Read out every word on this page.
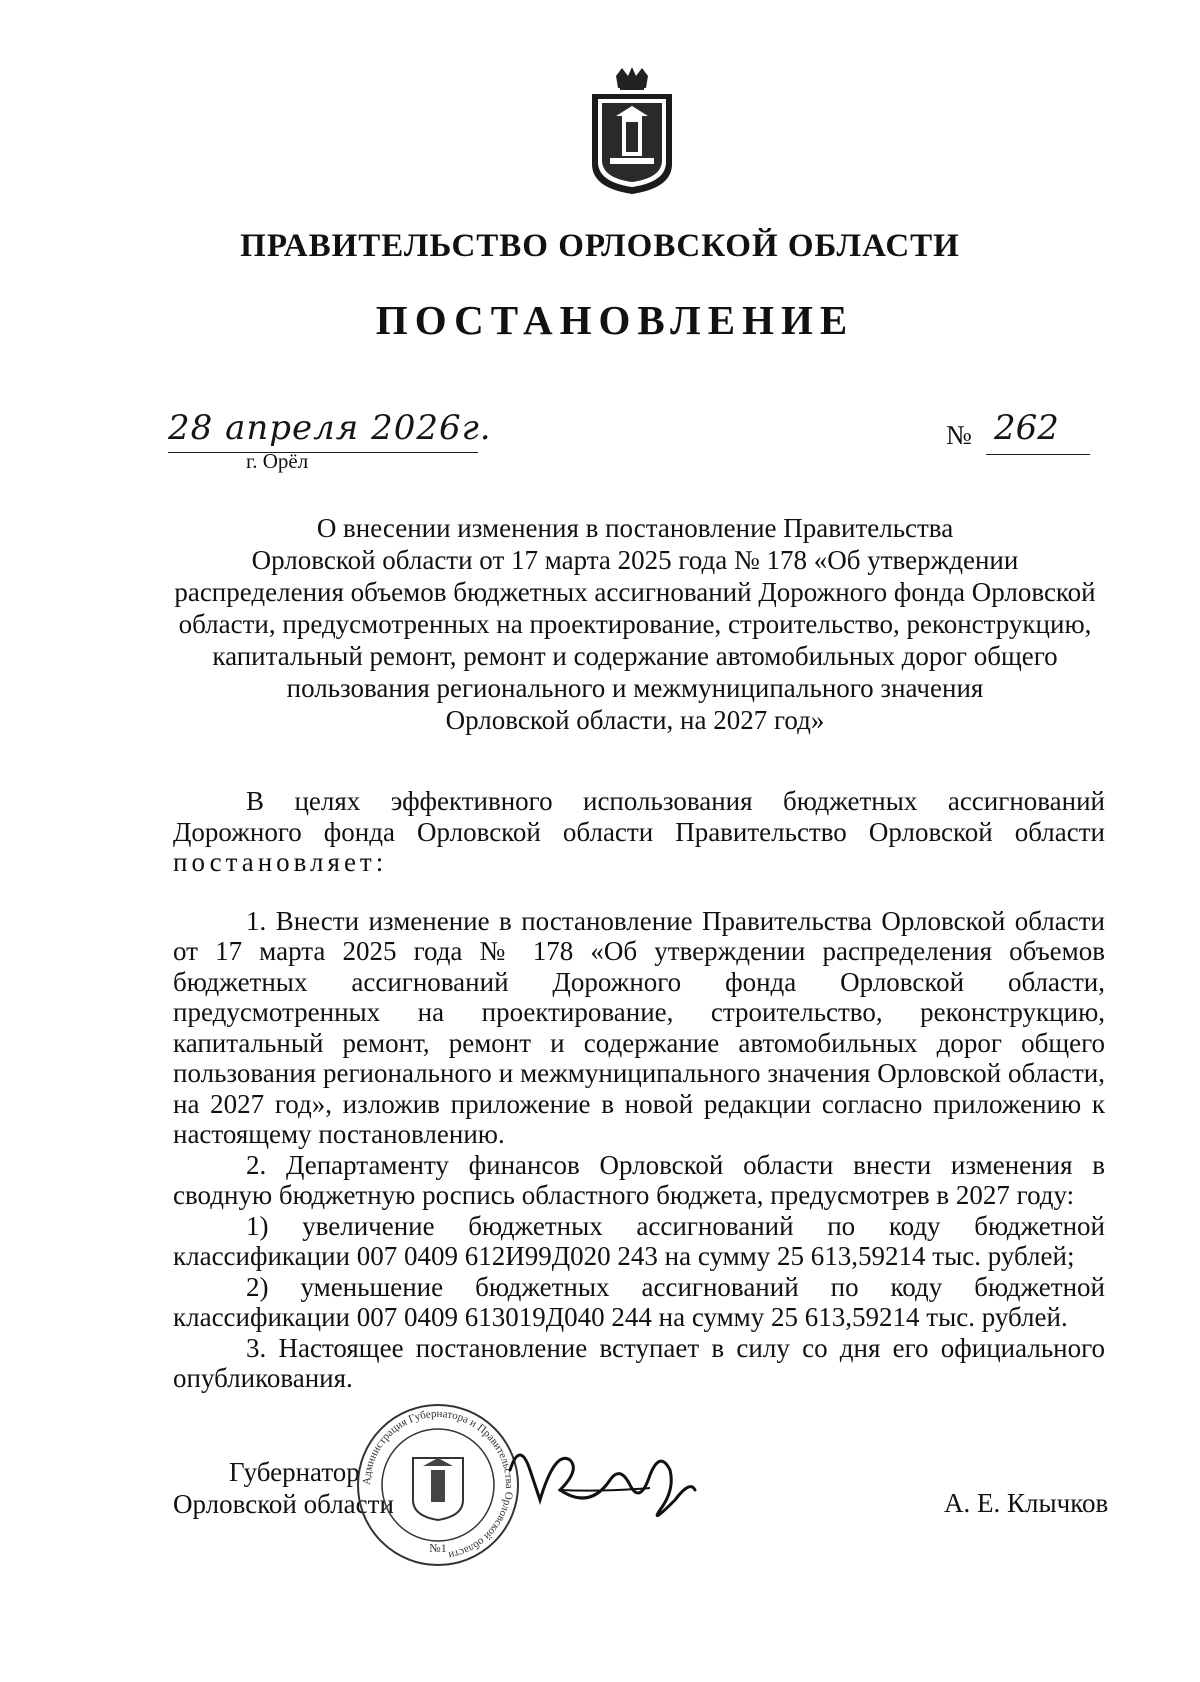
ПРАВИТЕЛЬСТВО ОРЛОВСКОЙ ОБЛАСТИ
ПОСТАНОВЛЕНИЕ
28 апреля 2026г.
г. Орёл
№ 262
О внесении изменения в постановление Правительства
Орловской области от 17 марта 2025 года № 178 «Об утверждении
распределения объемов бюджетных ассигнований Дорожного фонда Орловской
области, предусмотренных на проектирование, строительство, реконструкцию,
капитальный ремонт, ремонт и содержание автомобильных дорог общего
пользования регионального и межмуниципального значения
Орловской области, на 2027 год»

В целях эффективного использования бюджетных ассигнований Дорожного фонда Орловской области Правительство Орловской области постановляет:

1. Внести изменение в постановление Правительства Орловской области от 17 марта 2025 года № 178 «Об утверждении распределения объемов бюджетных ассигнований Дорожного фонда Орловской области, предусмотренных на проектирование, строительство, реконструкцию, капитальный ремонт, ремонт и содержание автомобильных дорог общего пользования регионального и межмуниципального значения Орловской области, на 2027 год», изложив приложение в новой редакции согласно приложению к настоящему постановлению.

2. Департаменту финансов Орловской области внести изменения в сводную бюджетную роспись областного бюджета, предусмотрев в 2027 году:

1) увеличение бюджетных ассигнований по коду бюджетной классификации 007 0409 612И99Д020 243 на сумму 25 613,59214 тыс. рублей;

2) уменьшение бюджетных ассигнований по коду бюджетной классификации 007 0409 613019Д040 244 на сумму 25 613,59214 тыс. рублей.

3. Настоящее постановление вступает в силу со дня его официального опубликования.

Губернатор
Орловской области
Администрация Губернатора и Правительства Орловской области
№1
А. Е. Клычков
